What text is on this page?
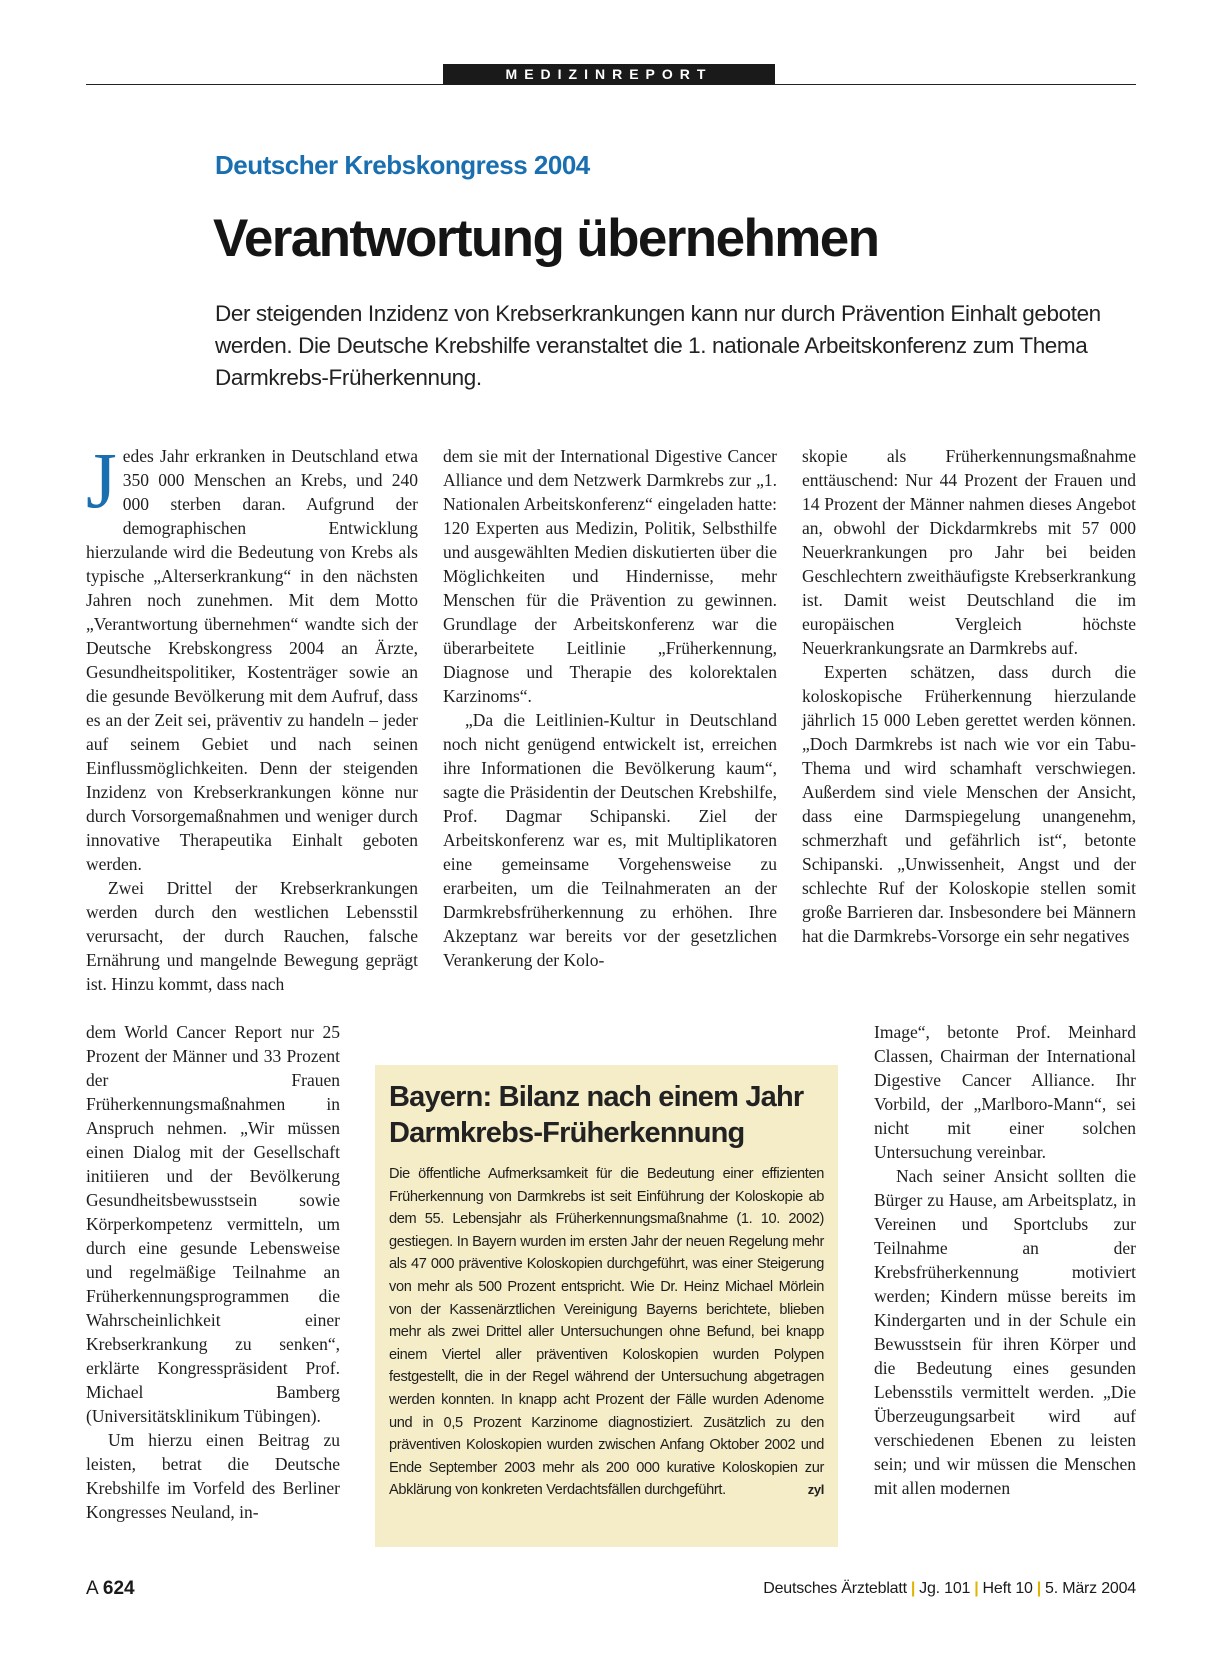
MEDIZINREPORT
Deutscher Krebskongress 2004
Verantwortung übernehmen
Der steigenden Inzidenz von Krebserkrankungen kann nur durch Prävention Einhalt geboten werden. Die Deutsche Krebshilfe veranstaltet die 1. nationale Arbeitskonferenz zum Thema Darmkrebs-Früherkennung.

Jedes Jahr erkranken in Deutschland etwa 350 000 Menschen an Krebs, und 240 000 sterben daran. Aufgrund der demographischen Entwicklung hierzulande wird die Bedeutung von Krebs als typische „Alterserkrankung“ in den nächsten Jahren noch zunehmen. Mit dem Motto „Verantwortung übernehmen“ wandte sich der Deutsche Krebskongress 2004 an Ärzte, Gesundheitspolitiker, Kostenträger sowie an die gesunde Bevölkerung mit dem Aufruf, dass es an der Zeit sei, präventiv zu handeln – jeder auf seinem Gebiet und nach seinen Einflussmöglichkeiten. Denn der steigenden Inzidenz von Krebserkrankungen könne nur durch Vorsorgemaßnahmen und weniger durch innovative Therapeutika Einhalt geboten werden.

Zwei Drittel der Krebserkrankungen werden durch den westlichen Lebensstil verursacht, der durch Rauchen, falsche Ernährung und mangelnde Bewegung geprägt ist. Hinzu kommt, dass nach

dem World Cancer Report nur 25 Prozent der Männer und 33 Prozent der Frauen Früherkennungsmaßnahmen in Anspruch nehmen. „Wir müssen einen Dialog mit der Gesellschaft initiieren und der Bevölkerung Gesundheitsbewusstsein sowie Körperkompetenz vermitteln, um durch eine gesunde Lebensweise und regelmäßige Teilnahme an Früherkennungsprogrammen die Wahrscheinlichkeit einer Krebserkrankung zu senken“, erklärte Kongresspräsident Prof. Michael Bamberg (Universitätsklinikum Tübingen).

Um hierzu einen Beitrag zu leisten, betrat die Deutsche Krebshilfe im Vorfeld des Berliner Kongresses Neuland, in-

dem sie mit der International Digestive Cancer Alliance und dem Netzwerk Darmkrebs zur „1. Nationalen Arbeitskonferenz“ eingeladen hatte: 120 Experten aus Medizin, Politik, Selbsthilfe und ausgewählten Medien diskutierten über die Möglichkeiten und Hindernisse, mehr Menschen für die Prävention zu gewinnen. Grundlage der Arbeitskonferenz war die überarbeitete Leitlinie „Früherkennung, Diagnose und Therapie des kolorektalen Karzinoms“.

„Da die Leitlinien-Kultur in Deutschland noch nicht genügend entwickelt ist, erreichen ihre Informationen die Bevölkerung kaum“, sagte die Präsidentin der Deutschen Krebshilfe, Prof. Dagmar Schipanski. Ziel der Arbeitskonferenz war es, mit Multiplikatoren eine gemeinsame Vorgehensweise zu erarbeiten, um die Teilnahmeraten an der Darmkrebsfrüherkennung zu erhöhen. Ihre Akzeptanz war bereits vor der gesetzlichen Verankerung der Kolo-

skopie als Früherkennungsmaßnahme enttäuschend: Nur 44 Prozent der Frauen und 14 Prozent der Männer nahmen dieses Angebot an, obwohl der Dickdarmkrebs mit 57 000 Neuerkrankungen pro Jahr bei beiden Geschlechtern zweithäufigste Krebserkrankung ist. Damit weist Deutschland die im europäischen Vergleich höchste Neuerkrankungsrate an Darmkrebs auf.

Experten schätzen, dass durch die koloskopische Früherkennung hierzulande jährlich 15 000 Leben gerettet werden können. „Doch Darmkrebs ist nach wie vor ein Tabu-Thema und wird schamhaft verschwiegen. Außerdem sind viele Menschen der Ansicht, dass eine Darmspiegelung unangenehm, schmerzhaft und gefährlich ist“, betonte Schipanski. „Unwissenheit, Angst und der schlechte Ruf der Koloskopie stellen somit große Barrieren dar. Insbesondere bei Männern hat die Darmkrebs-Vorsorge ein sehr negatives

Image“, betonte Prof. Meinhard Classen, Chairman der International Digestive Cancer Alliance. Ihr Vorbild, der „Marlboro-Mann“, sei nicht mit einer solchen Untersuchung vereinbar.

Nach seiner Ansicht sollten die Bürger zu Hause, am Arbeitsplatz, in Vereinen und Sportclubs zur Teilnahme an der Krebsfrüherkennung motiviert werden; Kindern müsse bereits im Kindergarten und in der Schule ein Bewusstsein für ihren Körper und die Bedeutung eines gesunden Lebensstils vermittelt werden. „Die Überzeugungsarbeit wird auf verschiedenen Ebenen zu leisten sein; und wir müssen die Menschen mit allen modernen

Bayern: Bilanz nach einem Jahr
Darmkrebs-Früherkennung
Die öffentliche Aufmerksamkeit für die Bedeutung einer effizienten Früherkennung von Darmkrebs ist seit Einführung der Koloskopie ab dem 55. Lebensjahr als Früherkennungsmaßnahme (1. 10. 2002) gestiegen. In Bayern wurden im ersten Jahr der neuen Regelung mehr als 47 000 präventive Koloskopien durchgeführt, was einer Steigerung von mehr als 500 Prozent entspricht. Wie Dr. Heinz Michael Mörlein von der Kassenärztlichen Vereinigung Bayerns berichtete, blieben mehr als zwei Drittel aller Untersuchungen ohne Befund, bei knapp einem Viertel aller präventiven Koloskopien wurden Polypen festgestellt, die in der Regel während der Untersuchung abgetragen werden konnten. In knapp acht Prozent der Fälle wurden Adenome und in 0,5 Prozent Karzinome diagnostiziert. Zusätzlich zu den präventiven Koloskopien wurden zwischen Anfang Oktober 2002 und Ende September 2003 mehr als 200 000 kurative Koloskopien zur Abklärung von konkreten Verdachtsfällen durchgeführt.	zyl
A 624	Deutsches Ärzteblatt | Jg. 101 | Heft 10 | 5. März 2004
